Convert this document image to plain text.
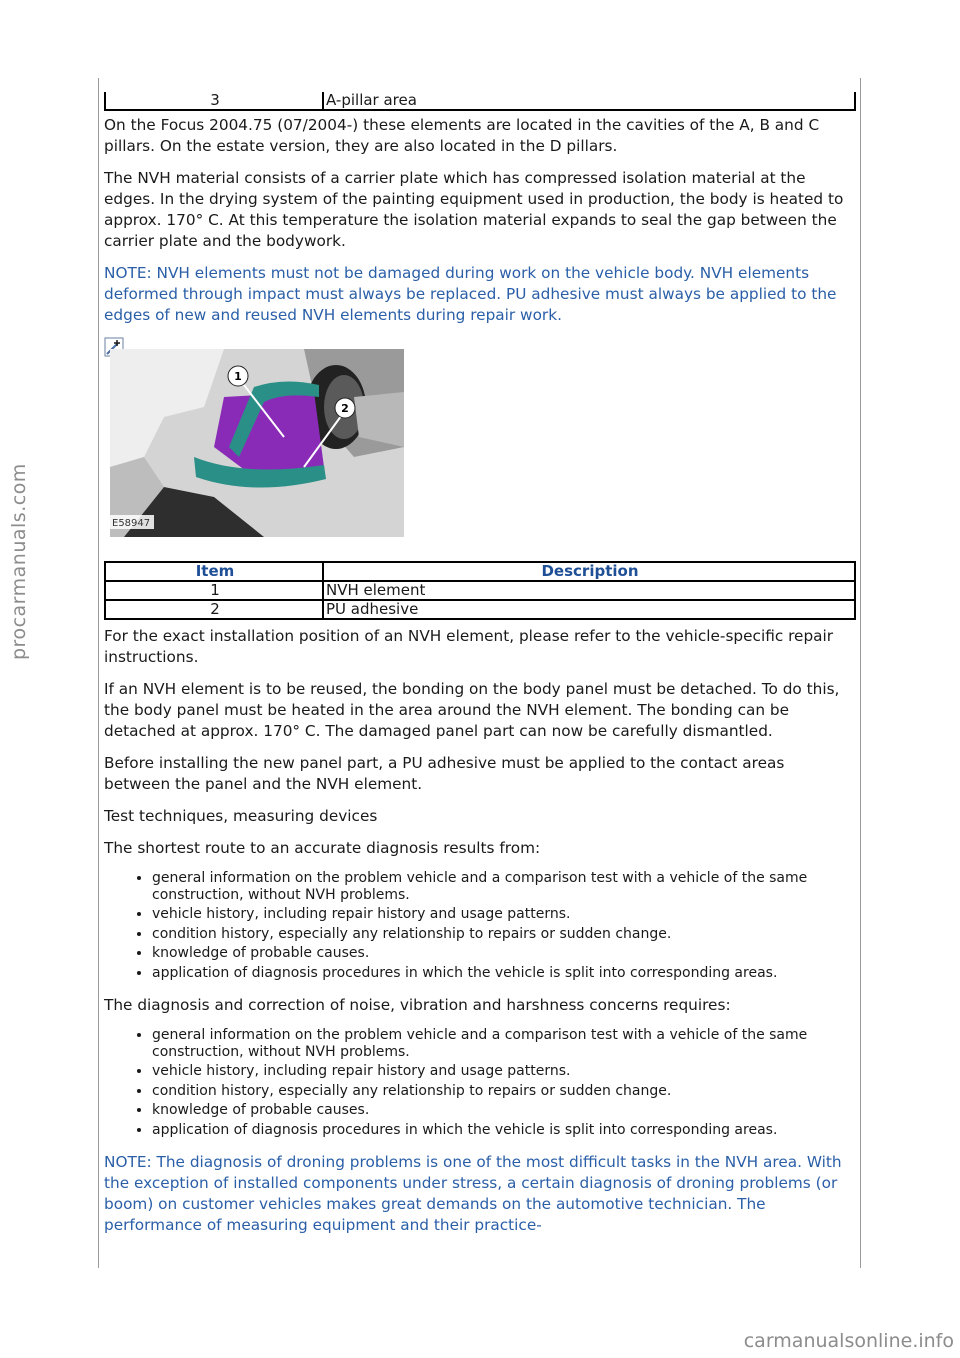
procarmanuals.com
3	A-pillar area

On the Focus 2004.75 (07/2004-) these elements are located in the cavities of the A, B and C pillars. On the estate version, they are also located in the D pillars.

The NVH material consists of a carrier plate which has compressed isolation material at the edges. In the drying system of the painting equipment used in production, the body is heated to approx. 170° C. At this temperature the isolation material expands to seal the gap between the carrier plate and the bodywork.

NOTE: NVH elements must not be damaged during work on the vehicle body. NVH elements deformed through impact must always be replaced. PU adhesive must always be applied to the edges of new and reused NVH elements during repair work.

1
2
E58947
Item	Description
1	NVH element
2	PU adhesive

For the exact installation position of an NVH element, please refer to the vehicle-specific repair instructions.

If an NVH element is to be reused, the bonding on the body panel must be detached. To do this, the body panel must be heated in the area around the NVH element. The bonding can be detached at approx. 170° C. The damaged panel part can now be carefully dismantled.

Before installing the new panel part, a PU adhesive must be applied to the contact areas between the panel and the NVH element.

Test techniques, measuring devices

The shortest route to an accurate diagnosis results from:

• general information on the problem vehicle and a comparison test with a vehicle of the same construction, without NVH problems.
• vehicle history, including repair history and usage patterns.
• condition history, especially any relationship to repairs or sudden change.
• knowledge of probable causes.
• application of diagnosis procedures in which the vehicle is split into corresponding areas.

The diagnosis and correction of noise, vibration and harshness concerns requires:

• general information on the problem vehicle and a comparison test with a vehicle of the same construction, without NVH problems.
• vehicle history, including repair history and usage patterns.
• condition history, especially any relationship to repairs or sudden change.
• knowledge of probable causes.
• application of diagnosis procedures in which the vehicle is split into corresponding areas.

NOTE: The diagnosis of droning problems is one of the most difficult tasks in the NVH area. With the exception of installed components under stress, a certain diagnosis of droning problems (or boom) on customer vehicles makes great demands on the automotive technician. The performance of measuring equipment and their practice-

carmanualsonline.info
